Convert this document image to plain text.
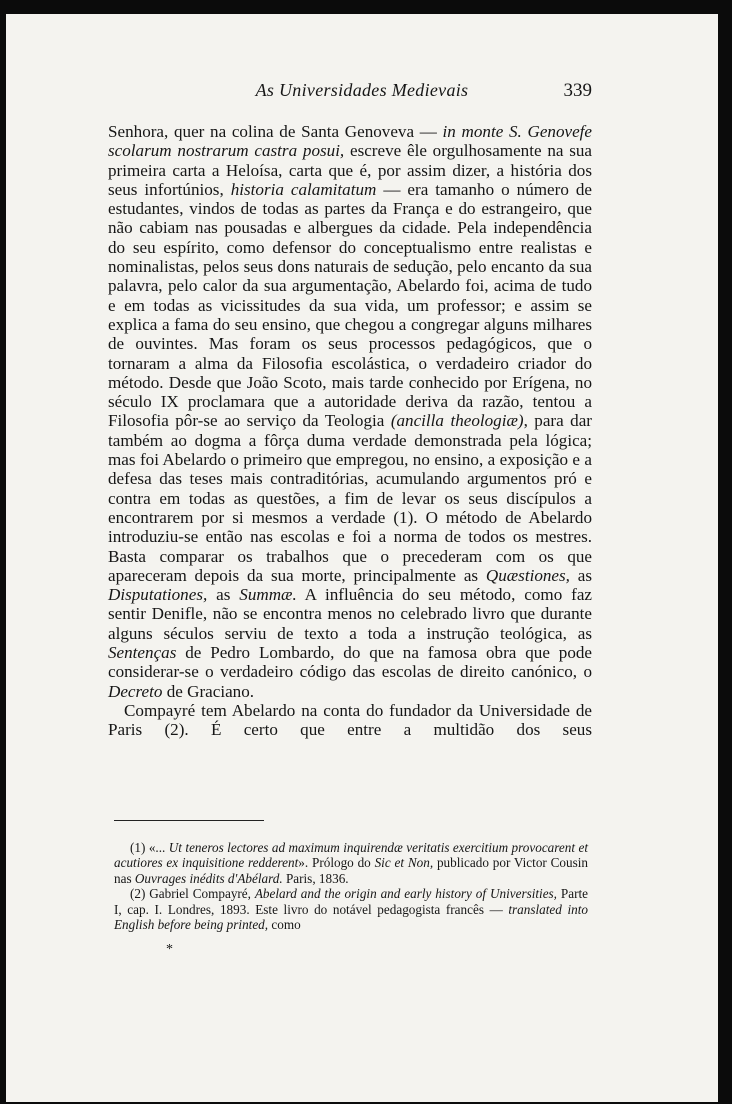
As Universidades Medievais	339

Senhora, quer na colina de Santa Genoveva — in monte S. Genovefe scolarum nostrarum castra posui, escreve êle orgulhosamente na sua primeira carta a Heloísa, carta que é, por assim dizer, a história dos seus infortúnios, historia calamitatum — era tamanho o número de estudantes, vindos de todas as partes da França e do estrangeiro, que não cabiam nas pousadas e albergues da cidade. Pela independência do seu espírito, como defensor do conceptualismo entre realistas e nominalistas, pelos seus dons naturais de sedução, pelo encanto da sua palavra, pelo calor da sua argumentação, Abelardo foi, acima de tudo e em todas as vicissitudes da sua vida, um professor; e assim se explica a fama do seu ensino, que chegou a congregar alguns milhares de ouvintes. Mas foram os seus processos pedagógicos, que o tornaram a alma da Filosofia escolástica, o verdadeiro criador do método. Desde que João Scoto, mais tarde conhecido por Erígena, no século IX proclamara que a autoridade deriva da razão, tentou a Filosofia pôr-se ao serviço da Teologia (ancilla theologiæ), para dar também ao dogma a fôrça duma verdade demonstrada pela lógica; mas foi Abelardo o primeiro que empregou, no ensino, a exposição e a defesa das teses mais contraditórias, acumulando argumentos pró e contra em todas as questões, a fim de levar os seus discípulos a encontrarem por si mesmos a verdade (1). O método de Abelardo introduziu-se então nas escolas e foi a norma de todos os mestres. Basta comparar os trabalhos que o precederam com os que apareceram depois da sua morte, principalmente as Quæstiones, as Disputationes, as Summæ. A influência do seu método, como faz sentir Denifle, não se encontra menos no celebrado livro que durante alguns séculos serviu de texto a toda a instrução teológica, as Sentenças de Pedro Lombardo, do que na famosa obra que pode considerar-se o verdadeiro código das escolas de direito canónico, o Decreto de Graciano.

Compayré tem Abelardo na conta do fundador da Universidade de Paris (2). É certo que entre a multidão dos seus

(1) «... Ut teneros lectores ad maximum inquirendæ veritatis exercitium provocarent et acutiores ex inquisitione redderent». Prólogo do Sic et Non, publicado por Victor Cousin nas Ouvrages inédits d'Abélard. Paris, 1836.

(2) Gabriel Compayré, Abelard and the origin and early history of Universities, Parte I, cap. I. Londres, 1893. Este livro do notável pedagogista francês — translated into English before being printed, como

*
